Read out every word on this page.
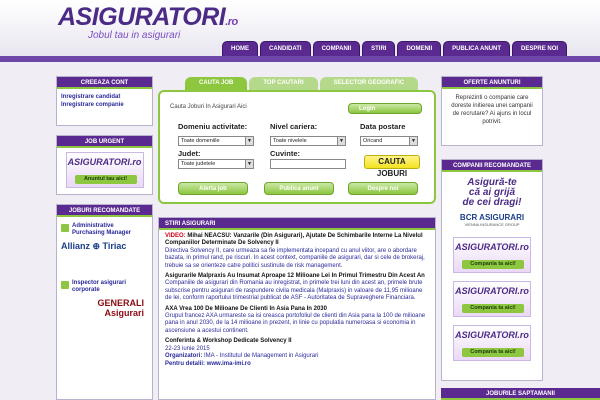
ASIGURATORI.ro
Jobul tau in asigurari
HOME	CANDIDATI	COMPANII	STIRI	DOMENII	PUBLICA ANUNT	DESPRE NOI
CREEAZA CONT
Inregistrare candidat
Inregistrare companie
JOB URGENT
ASIGURATORI.ro
Anuntul tau aici!
JOBURI RECOMANDATE
Administrative Purchasing Manager
Allianz ⊕ Tiriac
Inspector asigurari corporate
GENERALI Asigurari
CAUTA JOB	TOP CAUTARI	SELECTOR GEOGRAFIC
Cauta Joburi In Asigurari Aici	Login
Domeniu activitate:	Nivel cariera:	Data postare
Toate domeniile	▼	Toate nivelele	▼	Oricand	▼
Judet:	Cuvinte:
Toate judetele	▼	CAUTA JOBURI
Alerta job	Publica anunt	Despre noi
STIRI ASIGURARI
VIDEO: Mihai NEACSU: Vanzarile (Din Asigurari), Ajutate De Schimbarile Interne La Nivelul Companiilor Determinate De Solvency II
Directiva Solvency II, care urmeaza sa fie implementata incepand cu anul viitor, are o abordare bazata, in primul rand, pe riscuri. In acest context, companiile de asigurari, dar si cele de brokeraj, trebuie sa se orienteze catre politici sustinute de risk management.
Asigurarile Malpraxis Au Insumat Aproape 12 Milioane Lei In Primul Trimestru Din Acest An
Companiile de asigurari din Romania au inregistrat, in primele trei luni din acest an, primele brute subscrise pentru asigurari de raspundere civila medicala (Malpraxis) in valoare de 11,95 milioane de lei, conform raportului trimestrial publicat de ASF - Autoritatea de Supraveghere Financiara.
AXA Vrea 100 De Milioane De Clienti In Asia Pana In 2030
Grupul francez AXA urmareste sa isi creasca portofoliul de clienti din Asia pana la 100 de milioane pana in anul 2030, de la 14 milioane in prezent, in linie cu populatia numeroasa si economia in ascensiune a acestui continent.
Conferinta & Workshop Dedicate Solvency II
22-23 iunie 2015
Organizatori: IMA - Institutul de Management in Asigurari
Pentru detalii: www.ima-imi.ro
OFERTE ANUNTURI
Reprezinti o companie care doreste initierea unei campanii de recrutare? Ai ajuns in locul potrivit.
COMPANII RECOMANDATE
Asigură-te
că ai grijă
de cei dragi!
BCR ASIGURARI
VIENNA INSURANCE GROUP
ASIGURATORI.ro
Compania ta aici!
ASIGURATORI.ro
Compania ta aici!
ASIGURATORI.ro
Compania ta aici!
JOBURILE SAPTAMANII
